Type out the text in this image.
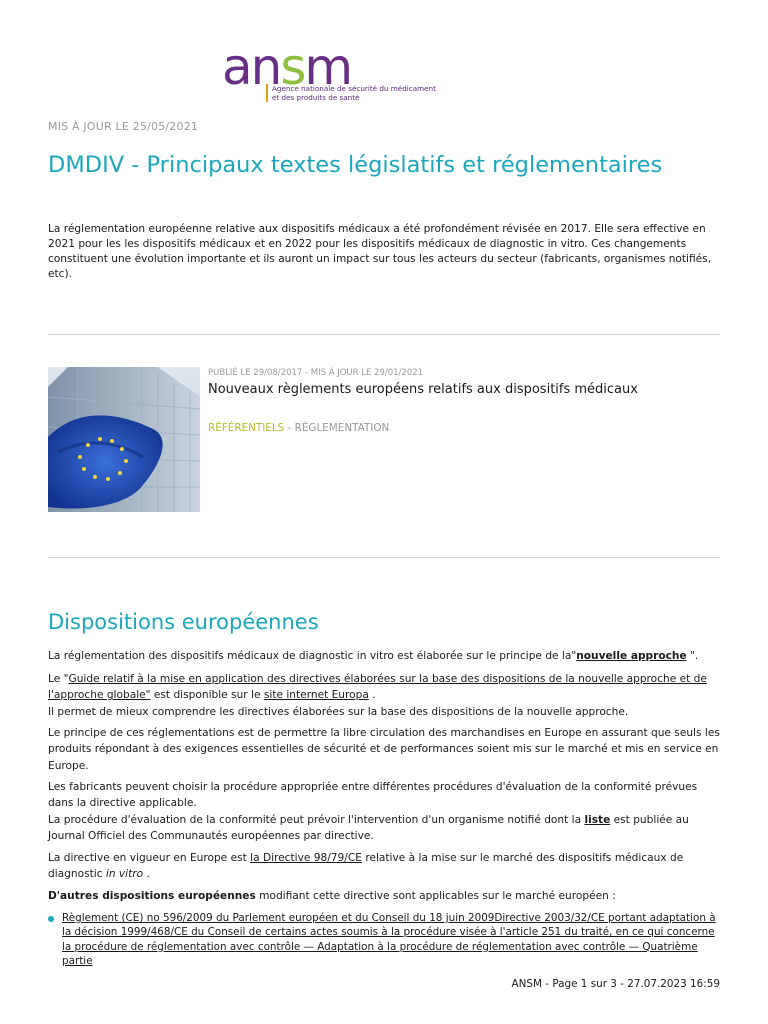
ansm
Agence nationale de sécurité du médicament
et des produits de santé
MIS À JOUR LE 25/05/2021
DMDIV - Principaux textes législatifs et réglementaires

La réglementation européenne relative aux dispositifs médicaux a été profondément révisée en 2017. Elle sera effective en 2021 pour les les dispositifs médicaux et en 2022 pour les dispositifs médicaux de diagnostic in vitro. Ces changements constituent une évolution importante et ils auront un impact sur tous les acteurs du secteur (fabricants, organismes notifiés, etc).

PUBLIÉ LE 29/08/2017 - MIS À JOUR LE 29/01/2021
Nouveaux règlements européens relatifs aux dispositifs médicaux
RÉFÉRENTIELS - RÉGLEMENTATION
Dispositions européennes

La réglementation des dispositifs médicaux de diagnostic in vitro est élaborée sur le principe de la"nouvelle approche ".

Le "Guide relatif à la mise en application des directives élaborées sur la base des dispositions de la nouvelle approche et de l'approche globale" est disponible sur le site internet Europa .
Il permet de mieux comprendre les directives élaborées sur la base des dispositions de la nouvelle approche.

Le principe de ces réglementations est de permettre la libre circulation des marchandises en Europe en assurant que seuls les produits répondant à des exigences essentielles de sécurité et de performances soient mis sur le marché et mis en service en Europe.

Les fabricants peuvent choisir la procédure appropriée entre différentes procédures d'évaluation de la conformité prévues dans la directive applicable.
La procédure d'évaluation de la conformité peut prévoir l'intervention d'un organisme notifié dont la liste est publiée au Journal Officiel des Communautés européennes par directive.

La directive en vigueur en Europe est la Directive 98/79/CE relative à la mise sur le marché des dispositifs médicaux de diagnostic in vitro .

D'autres dispositions européennes modifiant cette directive sont applicables sur le marché européen :

Règlement (CE) no 596/2009 du Parlement européen et du Conseil du 18 juin 2009Directive 2003/32/CE portant adaptation à la décision 1999/468/CE du Conseil de certains actes soumis à la procédure visée à l'article 251 du traité, en ce qui concerne la procédure de réglementation avec contrôle — Adaptation à la procédure de réglementation avec contrôle — Quatrième partie
ANSM - Page 1 sur 3 - 27.07.2023 16:59
